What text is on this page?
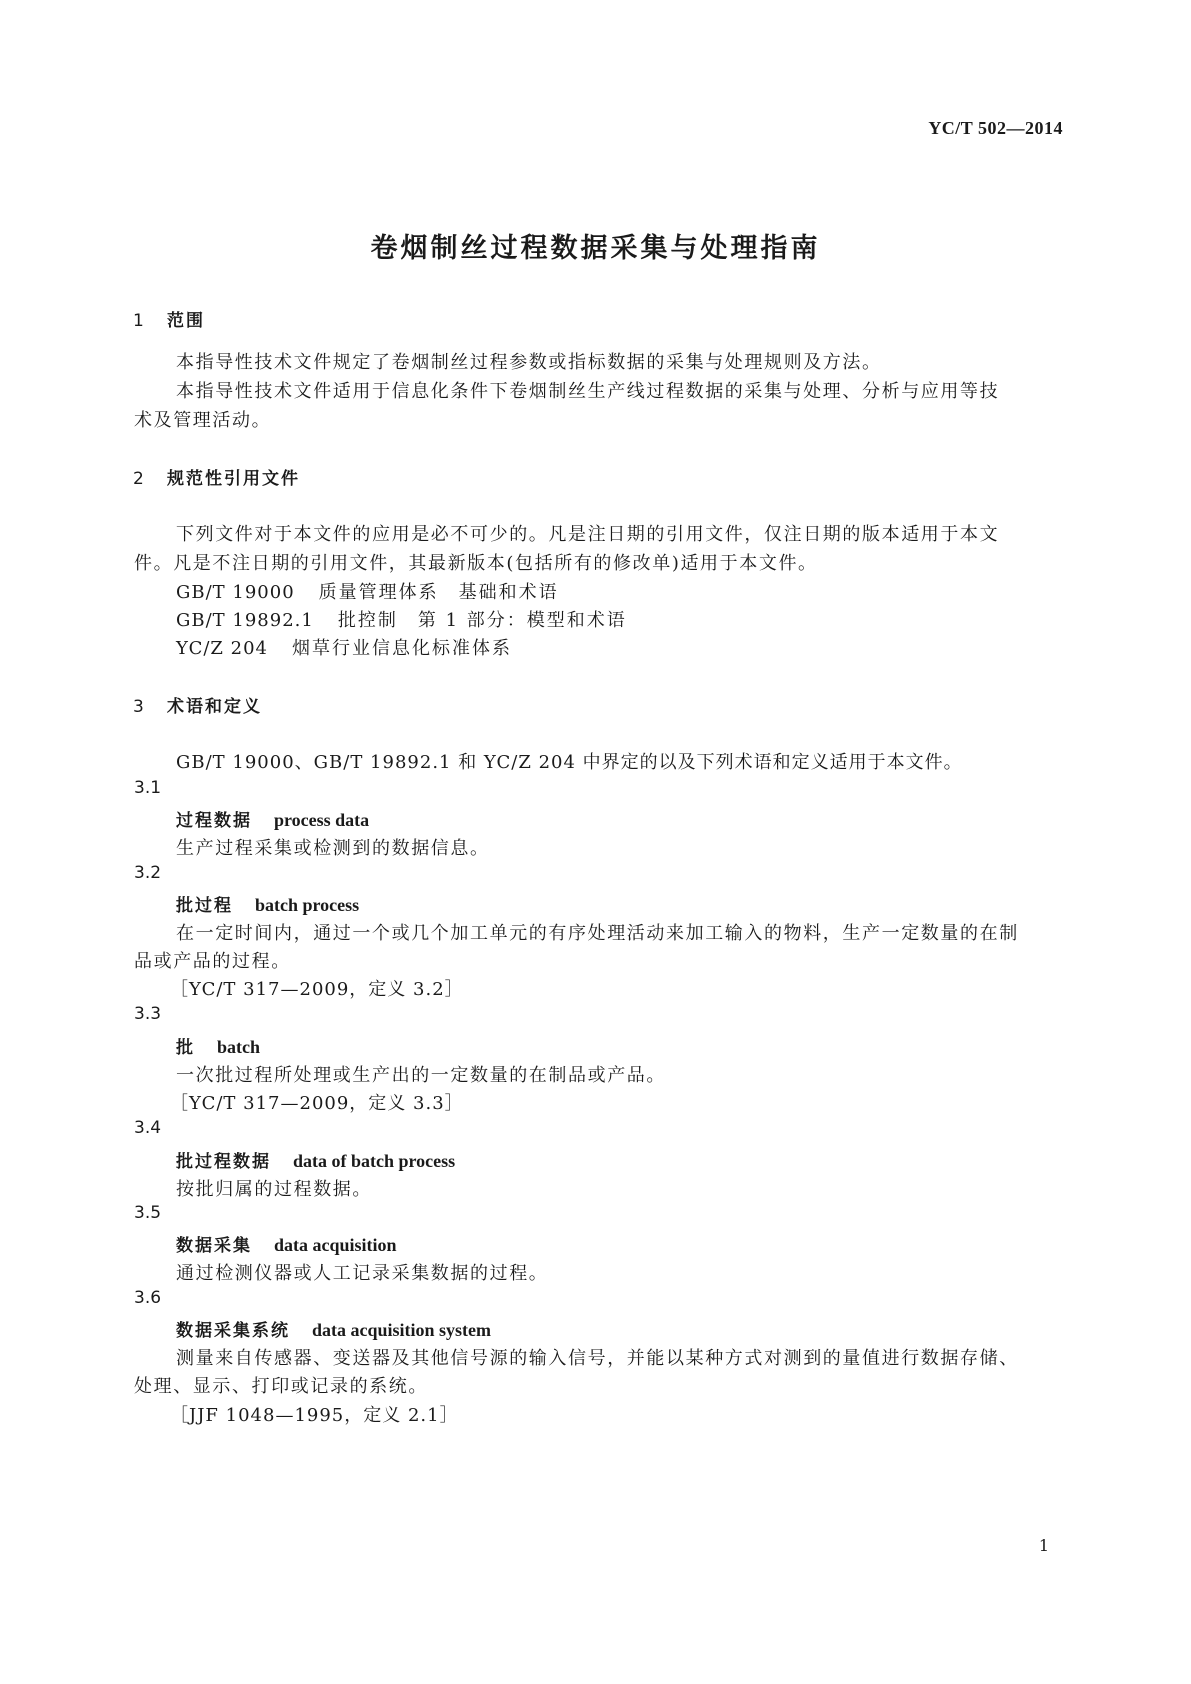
YC/T 502—2014
卷烟制丝过程数据采集与处理指南
1 范围
本指导性技术文件规定了卷烟制丝过程参数或指标数据的采集与处理规则及方法。
本指导性技术文件适用于信息化条件下卷烟制丝生产线过程数据的采集与处理、分析与应用等技
术及管理活动。
2 规范性引用文件
下列文件对于本文件的应用是必不可少的。凡是注日期的引用文件，仅注日期的版本适用于本文
件。凡是不注日期的引用文件，其最新版本(包括所有的修改单)适用于本文件。
GB/T 19000 质量管理体系　基础和术语
GB/T 19892.1 批控制　第 1 部分：模型和术语
YC/Z 204 烟草行业信息化标准体系
3 术语和定义
GB/T 19000、GB/T 19892.1 和 YC/Z 204 中界定的以及下列术语和定义适用于本文件。
3.1
过程数据 process data
生产过程采集或检测到的数据信息。
3.2
批过程 batch process
在一定时间内，通过一个或几个加工单元的有序处理活动来加工输入的物料，生产一定数量的在制
品或产品的过程。
［YC/T 317—2009，定义 3.2］
3.3
批 batch
一次批过程所处理或生产出的一定数量的在制品或产品。
［YC/T 317—2009，定义 3.3］
3.4
批过程数据 data of batch process
按批归属的过程数据。
3.5
数据采集 data acquisition
通过检测仪器或人工记录采集数据的过程。
3.6
数据采集系统 data acquisition system
测量来自传感器、变送器及其他信号源的输入信号，并能以某种方式对测到的量值进行数据存储、
处理、显示、打印或记录的系统。
［JJF 1048—1995，定义 2.1］
1
